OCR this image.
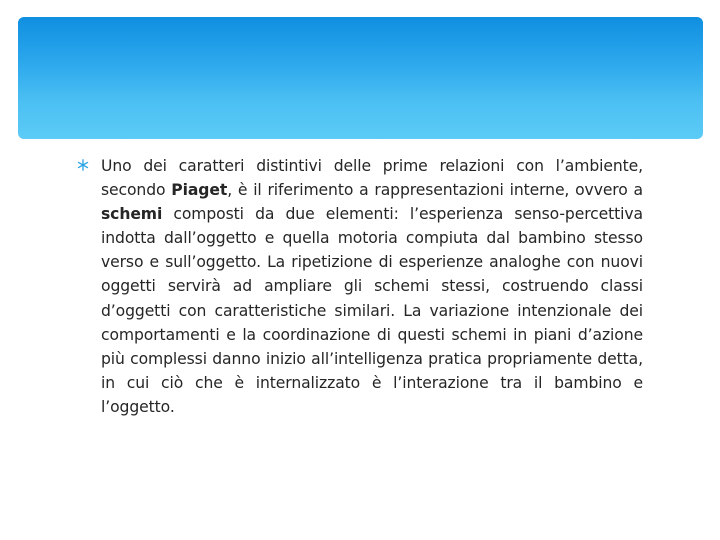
Uno dei caratteri distintivi delle prime relazioni con l’ambiente, secondo Piaget, è il riferimento a rappresentazioni interne, ovvero a schemi composti da due elementi: l’esperienza senso-percettiva indotta dall’oggetto e quella motoria compiuta dal bambino stesso verso e sull’oggetto. La ripetizione di esperienze analoghe con nuovi oggetti servirà ad ampliare gli schemi stessi, costruendo classi d’oggetti con caratteristiche similari. La variazione intenzionale dei comportamenti e la coordinazione di questi schemi in piani d’azione più complessi danno inizio all’intelligenza pratica propriamente detta, in cui ciò che è internalizzato è l’interazione tra il bambino e l’oggetto.
